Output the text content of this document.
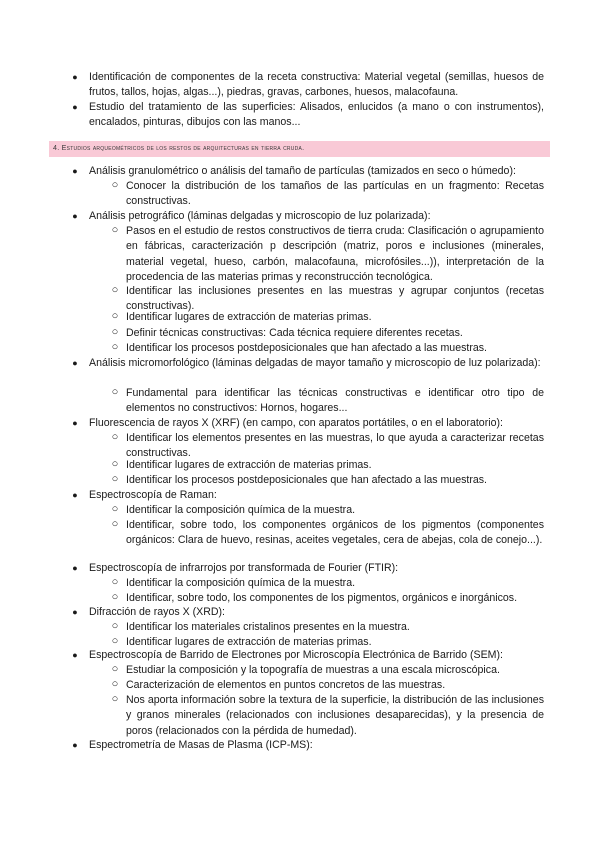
● Identificación de componentes de la receta constructiva: Material vegetal (semillas, huesos de frutos, tallos, hojas, algas...), piedras, gravas, carbones, huesos, malacofauna.

● Estudio del tratamiento de las superficies: Alisados, enlucidos (a mano o con instrumentos), encalados, pinturas, dibujos con las manos...

4. Estudios arqueométricos de los restos de arquitecturas en tierra cruda.

● Análisis granulométrico o análisis del tamaño de partículas (tamizados en seco o húmedo):

○ Conocer la distribución de los tamaños de las partículas en un fragmento: Recetas constructivas.

● Análisis petrográfico (láminas delgadas y microscopio de luz polarizada):

○ Pasos en el estudio de restos constructivos de tierra cruda: Clasificación o agrupamiento en fábricas, caracterización p descripción (matriz, poros e inclusiones (minerales, material vegetal, hueso, carbón, malacofauna, microfósiles...)), interpretación de la procedencia de las materias primas y reconstrucción tecnológica.

○ Identificar las inclusiones presentes en las muestras y agrupar conjuntos (recetas constructivas).

○ Identificar lugares de extracción de materias primas.

○ Definir técnicas constructivas: Cada técnica requiere diferentes recetas.

○ Identificar los procesos postdeposicionales que han afectado a las muestras.

● Análisis micromorfológico (láminas delgadas de mayor tamaño y microscopio de luz polarizada):

○ Fundamental para identificar las técnicas constructivas e identificar otro tipo de elementos no constructivos: Hornos, hogares...

● Fluorescencia de rayos X (XRF) (en campo, con aparatos portátiles, o en el laboratorio):

○ Identificar los elementos presentes en las muestras, lo que ayuda a caracterizar recetas constructivas.

○ Identificar lugares de extracción de materias primas.

○ Identificar los procesos postdeposicionales que han afectado a las muestras.

● Espectroscopía de Raman:

○ Identificar la composición química de la muestra.

○ Identificar, sobre todo, los componentes orgánicos de los pigmentos (componentes orgánicos: Clara de huevo, resinas, aceites vegetales, cera de abejas, cola de conejo...).

● Espectroscopía de infrarrojos por transformada de Fourier (FTIR):

○ Identificar la composición química de la muestra.

○ Identificar, sobre todo, los componentes de los pigmentos, orgánicos e inorgánicos.

● Difracción de rayos X (XRD):

○ Identificar los materiales cristalinos presentes en la muestra.

○ Identificar lugares de extracción de materias primas.

● Espectroscopía de Barrido de Electrones por Microscopía Electrónica de Barrido (SEM):

○ Estudiar la composición y la topografía de muestras a una escala microscópica.

○ Caracterización de elementos en puntos concretos de las muestras.

○ Nos aporta información sobre la textura de la superficie, la distribución de las inclusiones y granos minerales (relacionados con inclusiones desaparecidas), y la presencia de poros (relacionados con la pérdida de humedad).

● Espectrometría de Masas de Plasma (ICP-MS):
